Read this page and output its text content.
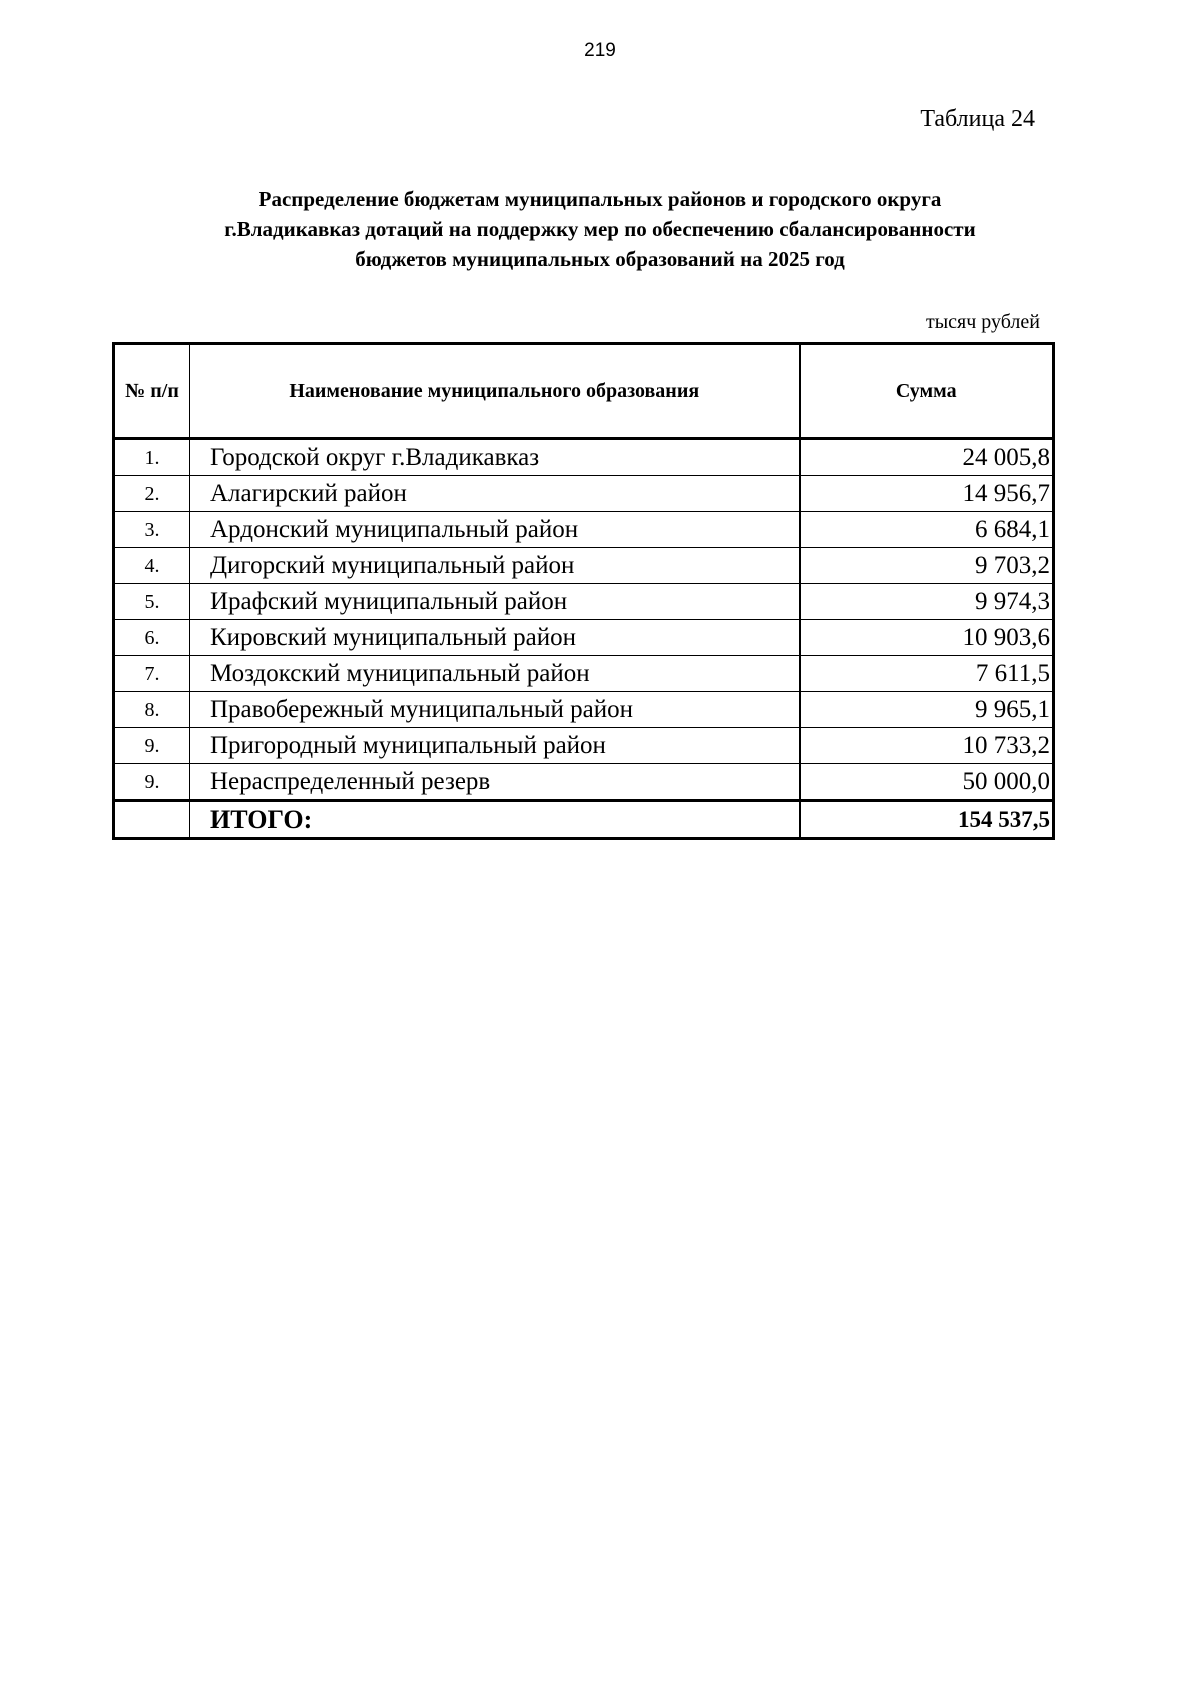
219
Таблица 24
Распределение бюджетам муниципальных районов и городского округа
г.Владикавказ дотаций на поддержку мер по обеспечению сбалансированности
бюджетов муниципальных образований на 2025 год
тысяч рублей
№ п/п	Наименование муниципального образования	Сумма
1.	Городской округ г.Владикавказ	24 005,8
2.	Алагирский район	14 956,7
3.	Ардонский муниципальный район	6 684,1
4.	Дигорский муниципальный район	9 703,2
5.	Ирафский муниципальный район	9 974,3
6.	Кировский муниципальный район	10 903,6
7.	Моздокский муниципальный район	7 611,5
8.	Правобережный муниципальный район	9 965,1
9.	Пригородный муниципальный район	10 733,2
9.	Нераспределенный резерв	50 000,0
	ИТОГО:	154 537,5
